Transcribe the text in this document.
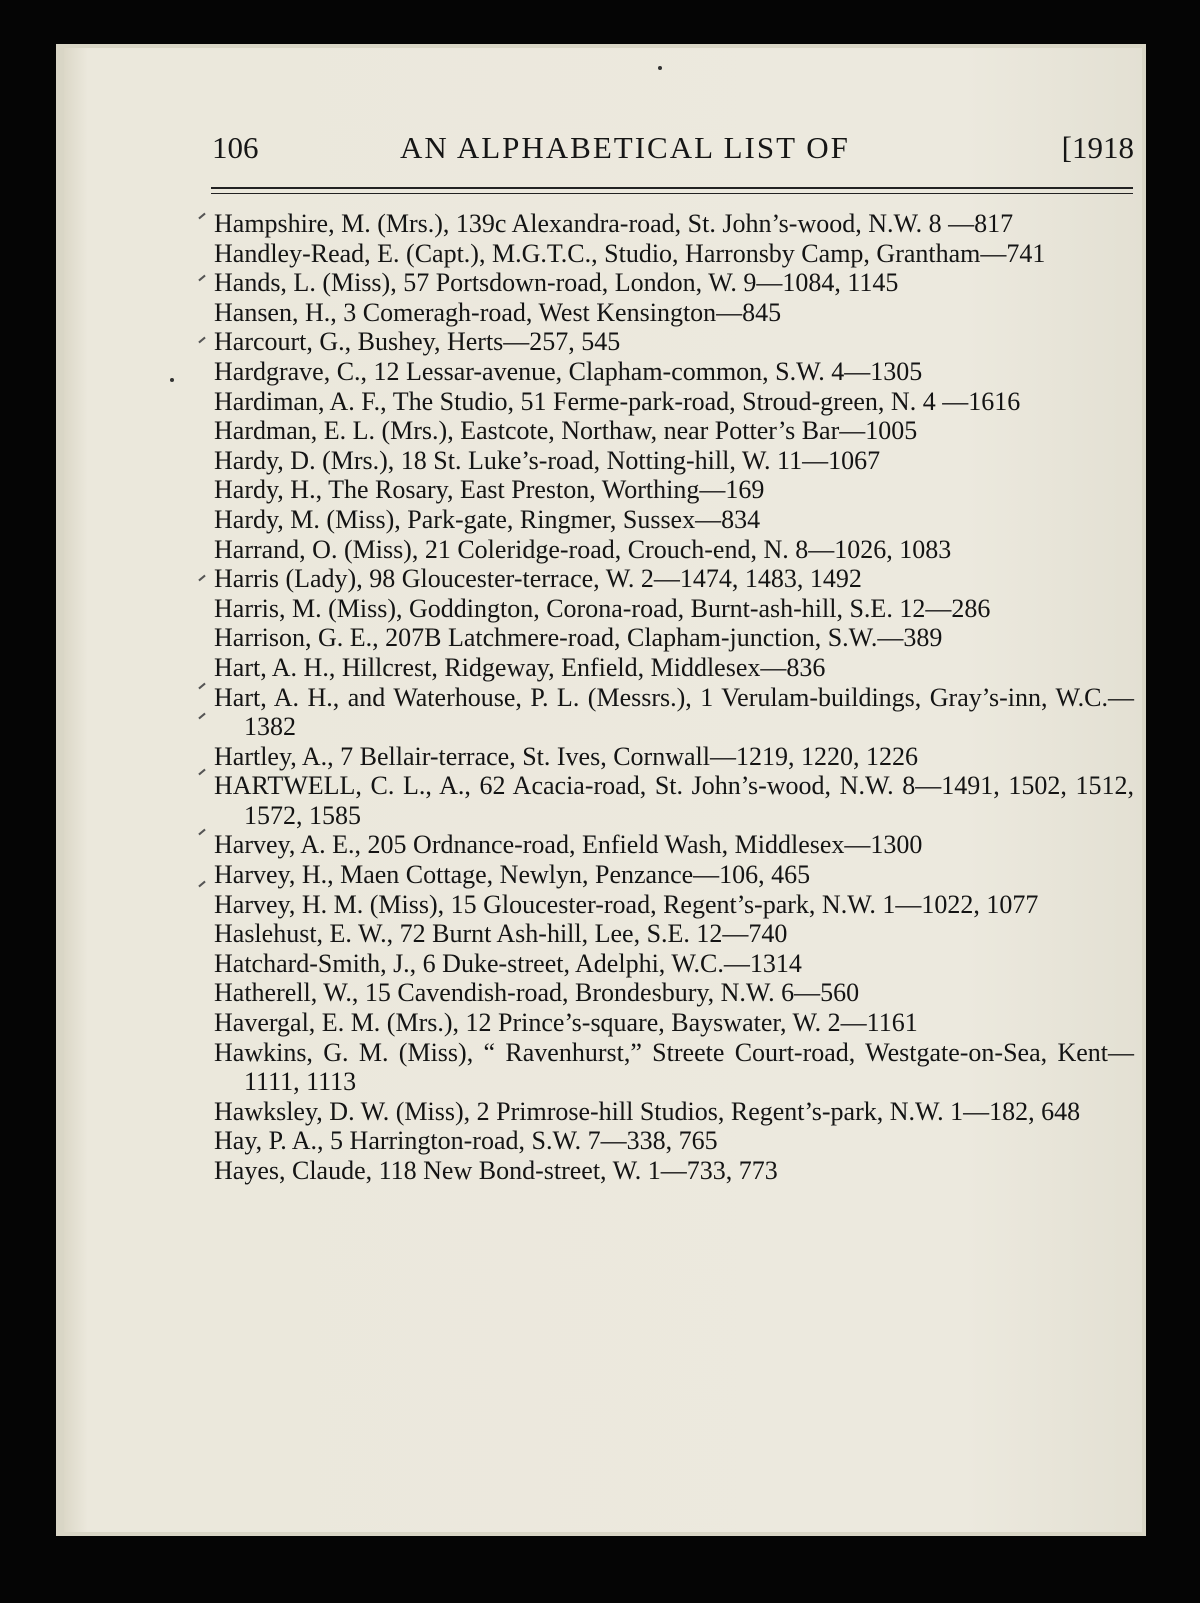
106	AN ALPHABETICAL LIST OF	[1918
Hampshire, M. (Mrs.), 139c Alexandra-road, St. John’s-wood, N.W. 8 —817
Handley-Read, E. (Capt.), M.G.T.C., Studio, Harronsby Camp, Grantham—741
Hands, L. (Miss), 57 Portsdown-road, London, W. 9—1084, 1145
Hansen, H., 3 Comeragh-road, West Kensington—845
Harcourt, G., Bushey, Herts—257, 545
Hardgrave, C., 12 Lessar-avenue, Clapham-common, S.W. 4—1305
Hardiman, A. F., The Studio, 51 Ferme-park-road, Stroud-green, N. 4 —1616
Hardman, E. L. (Mrs.), Eastcote, Northaw, near Potter’s Bar—1005
Hardy, D. (Mrs.), 18 St. Luke’s-road, Notting-hill, W. 11—1067
Hardy, H., The Rosary, East Preston, Worthing—169
Hardy, M. (Miss), Park-gate, Ringmer, Sussex—834
Harrand, O. (Miss), 21 Coleridge-road, Crouch-end, N. 8—1026, 1083
Harris (Lady), 98 Gloucester-terrace, W. 2—1474, 1483, 1492
Harris, M. (Miss), Goddington, Corona-road, Burnt-ash-hill, S.E. 12—286
Harrison, G. E., 207B Latchmere-road, Clapham-junction, S.W.—389
Hart, A. H., Hillcrest, Ridgeway, Enfield, Middlesex—836
Hart, A. H., and Waterhouse, P. L. (Messrs.), 1 Verulam-buildings, Gray’s-inn, W.C.—1382
Hartley, A., 7 Bellair-terrace, St. Ives, Cornwall—1219, 1220, 1226
HARTWELL, C. L., A., 62 Acacia-road, St. John’s-wood, N.W. 8—1491, 1502, 1512, 1572, 1585
Harvey, A. E., 205 Ordnance-road, Enfield Wash, Middlesex—1300
Harvey, H., Maen Cottage, Newlyn, Penzance—106, 465
Harvey, H. M. (Miss), 15 Gloucester-road, Regent’s-park, N.W. 1—1022, 1077
Haslehust, E. W., 72 Burnt Ash-hill, Lee, S.E. 12—740
Hatchard-Smith, J., 6 Duke-street, Adelphi, W.C.—1314
Hatherell, W., 15 Cavendish-road, Brondesbury, N.W. 6—560
Havergal, E. M. (Mrs.), 12 Prince’s-square, Bayswater, W. 2—1161
Hawkins, G. M. (Miss), “ Ravenhurst,” Streete Court-road, Westgate-on-Sea, Kent—1111, 1113
Hawksley, D. W. (Miss), 2 Primrose-hill Studios, Regent’s-park, N.W. 1—182, 648
Hay, P. A., 5 Harrington-road, S.W. 7—338, 765
Hayes, Claude, 118 New Bond-street, W. 1—733, 773
